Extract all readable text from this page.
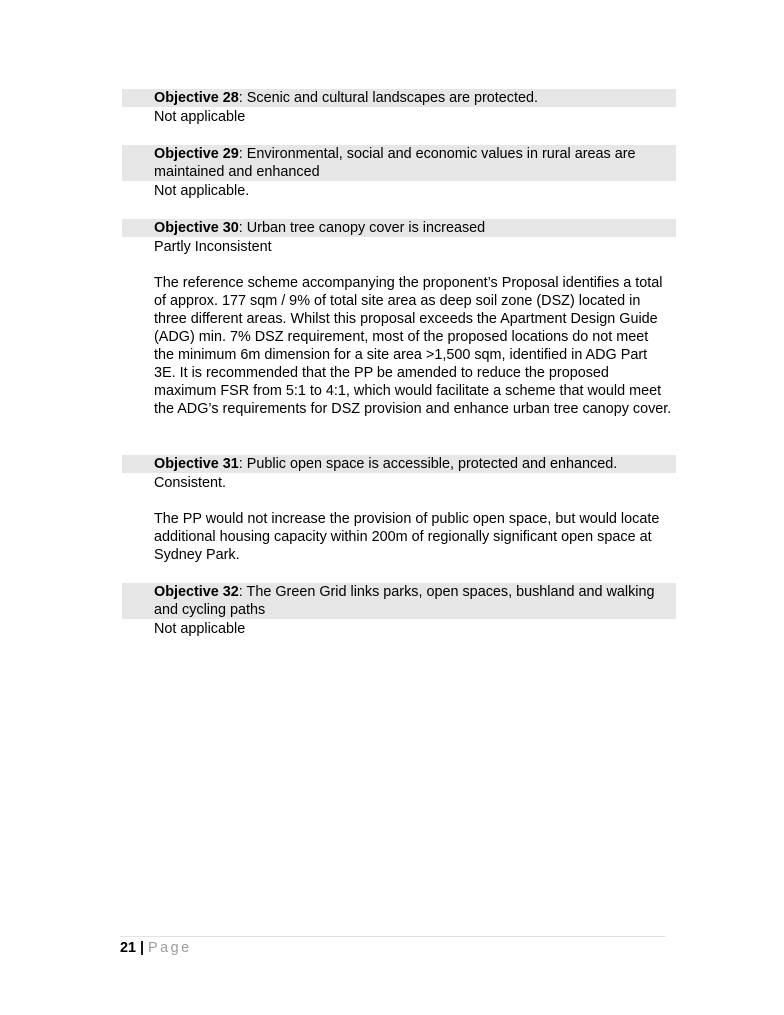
Objective 28: Scenic and cultural landscapes are protected.
Not applicable
Objective 29: Environmental, social and economic values in rural areas are maintained and enhanced
Not applicable.
Objective 30: Urban tree canopy cover is increased
Partly Inconsistent
The reference scheme accompanying the proponent’s Proposal identifies a total of approx. 177 sqm / 9% of total site area as deep soil zone (DSZ) located in three different areas. Whilst this proposal exceeds the Apartment Design Guide (ADG) min. 7% DSZ requirement, most of the proposed locations do not meet the minimum 6m dimension for a site area >1,500 sqm, identified in ADG Part 3E. It is recommended that the PP be amended to reduce the proposed maximum FSR from 5:1 to 4:1, which would facilitate a scheme that would meet the ADG’s requirements for DSZ provision and enhance urban tree canopy cover.
Objective 31: Public open space is accessible, protected and enhanced.
Consistent.
The PP would not increase the provision of public open space, but would locate additional housing capacity within 200m of regionally significant open space at Sydney Park.
Objective 32: The Green Grid links parks, open spaces, bushland and walking and cycling paths
Not applicable
21 | Page
